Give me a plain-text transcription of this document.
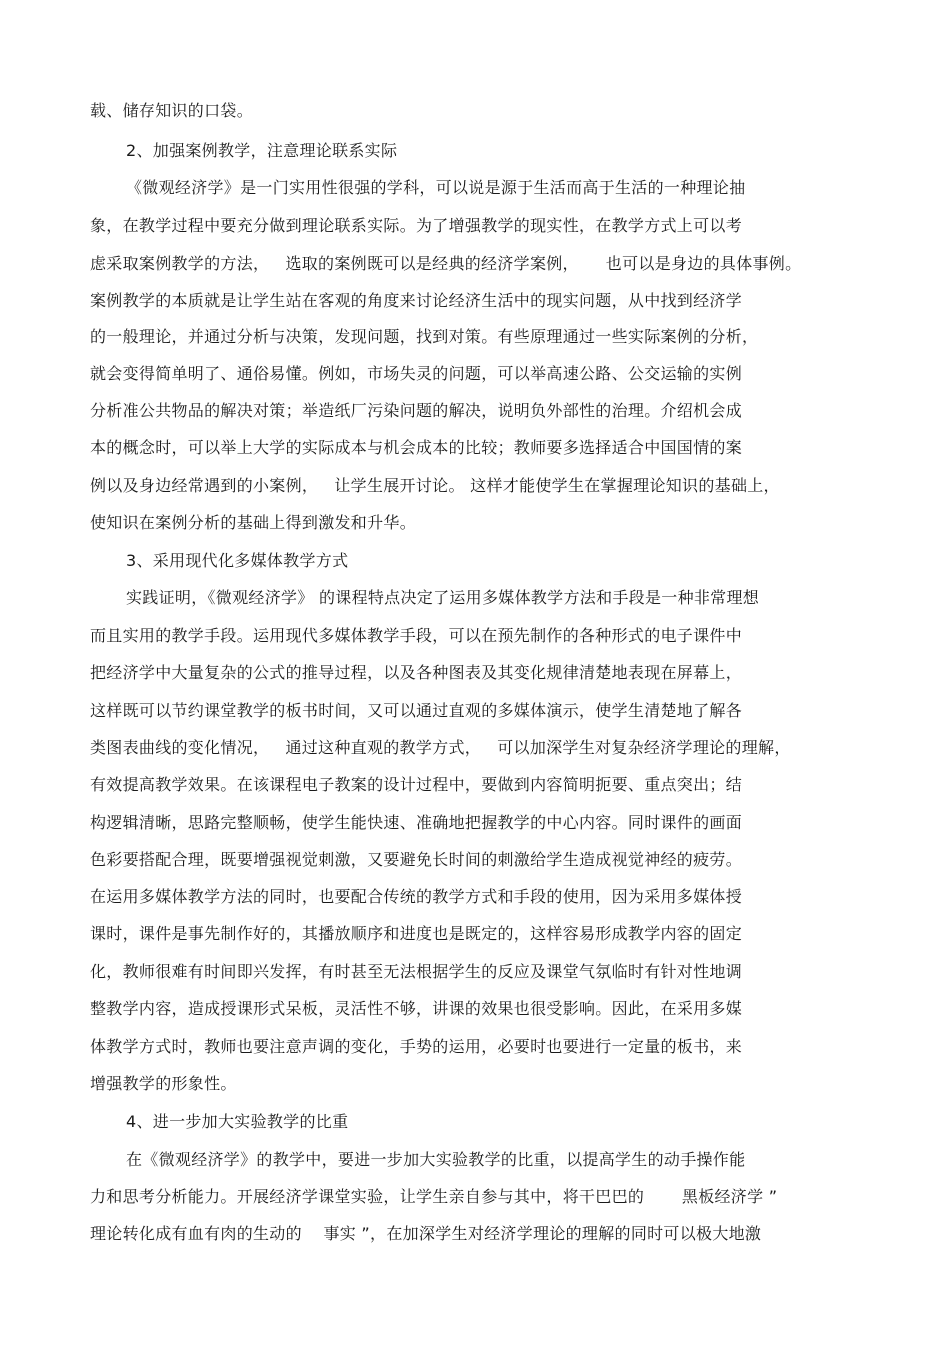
载、储存知识的口袋。
2、加强案例教学，注意理论联系实际
《微观经济学》是一门实用性很强的学科，可以说是源于生活而高于生活的一种理论抽
象，在教学过程中要充分做到理论联系实际。为了增强教学的现实性，在教学方式上可以考
虑采取案例教学的方法，   选取的案例既可以是经典的经济学案例，     也可以是身边的具体事例。
案例教学的本质就是让学生站在客观的角度来讨论经济生活中的现实问题，从中找到经济学
的一般理论，并通过分析与决策，发现问题，找到对策。有些原理通过一些实际案例的分析，
就会变得简单明了、通俗易懂。例如，市场失灵的问题，可以举高速公路、公交运输的实例
分析准公共物品的解决对策；举造纸厂污染问题的解决，说明负外部性的治理。介绍机会成
本的概念时，可以举上大学的实际成本与机会成本的比较；教师要多选择适合中国国情的案
例以及身边经常遇到的小案例，   让学生展开讨论。 这样才能使学生在掌握理论知识的基础上，
使知识在案例分析的基础上得到激发和升华。
3、采用现代化多媒体教学方式
实践证明，《微观经济学》 的课程特点决定了运用多媒体教学方法和手段是一种非常理想
而且实用的教学手段。运用现代多媒体教学手段，可以在预先制作的各种形式的电子课件中
把经济学中大量复杂的公式的推导过程，以及各种图表及其变化规律清楚地表现在屏幕上，
这样既可以节约课堂教学的板书时间，又可以通过直观的多媒体演示，使学生清楚地了解各
类图表曲线的变化情况，   通过这种直观的教学方式，   可以加深学生对复杂经济学理论的理解，
有效提高教学效果。在该课程电子教案的设计过程中，要做到内容简明扼要、重点突出；结
构逻辑清晰，思路完整顺畅，使学生能快速、准确地把握教学的中心内容。同时课件的画面
色彩要搭配合理，既要增强视觉刺激，又要避免长时间的刺激给学生造成视觉神经的疲劳。
在运用多媒体教学方法的同时，也要配合传统的教学方式和手段的使用，因为采用多媒体授
课时，课件是事先制作好的，其播放顺序和进度也是既定的，这样容易形成教学内容的固定
化，教师很难有时间即兴发挥，有时甚至无法根据学生的反应及课堂气氛临时有针对性地调
整教学内容，造成授课形式呆板，灵活性不够，讲课的效果也很受影响。因此，在采用多媒
体教学方式时，教师也要注意声调的变化，手势的运用，必要时也要进行一定量的板书，来
增强教学的形象性。
4、进一步加大实验教学的比重
在《微观经济学》的教学中，要进一步加大实验教学的比重，以提高学生的动手操作能
力和思考分析能力。开展经济学课堂实验，让学生亲自参与其中，将干巴巴的       黑板经济学 ”
理论转化成有血有肉的生动的    事实 ”，在加深学生对经济学理论的理解的同时可以极大地激
